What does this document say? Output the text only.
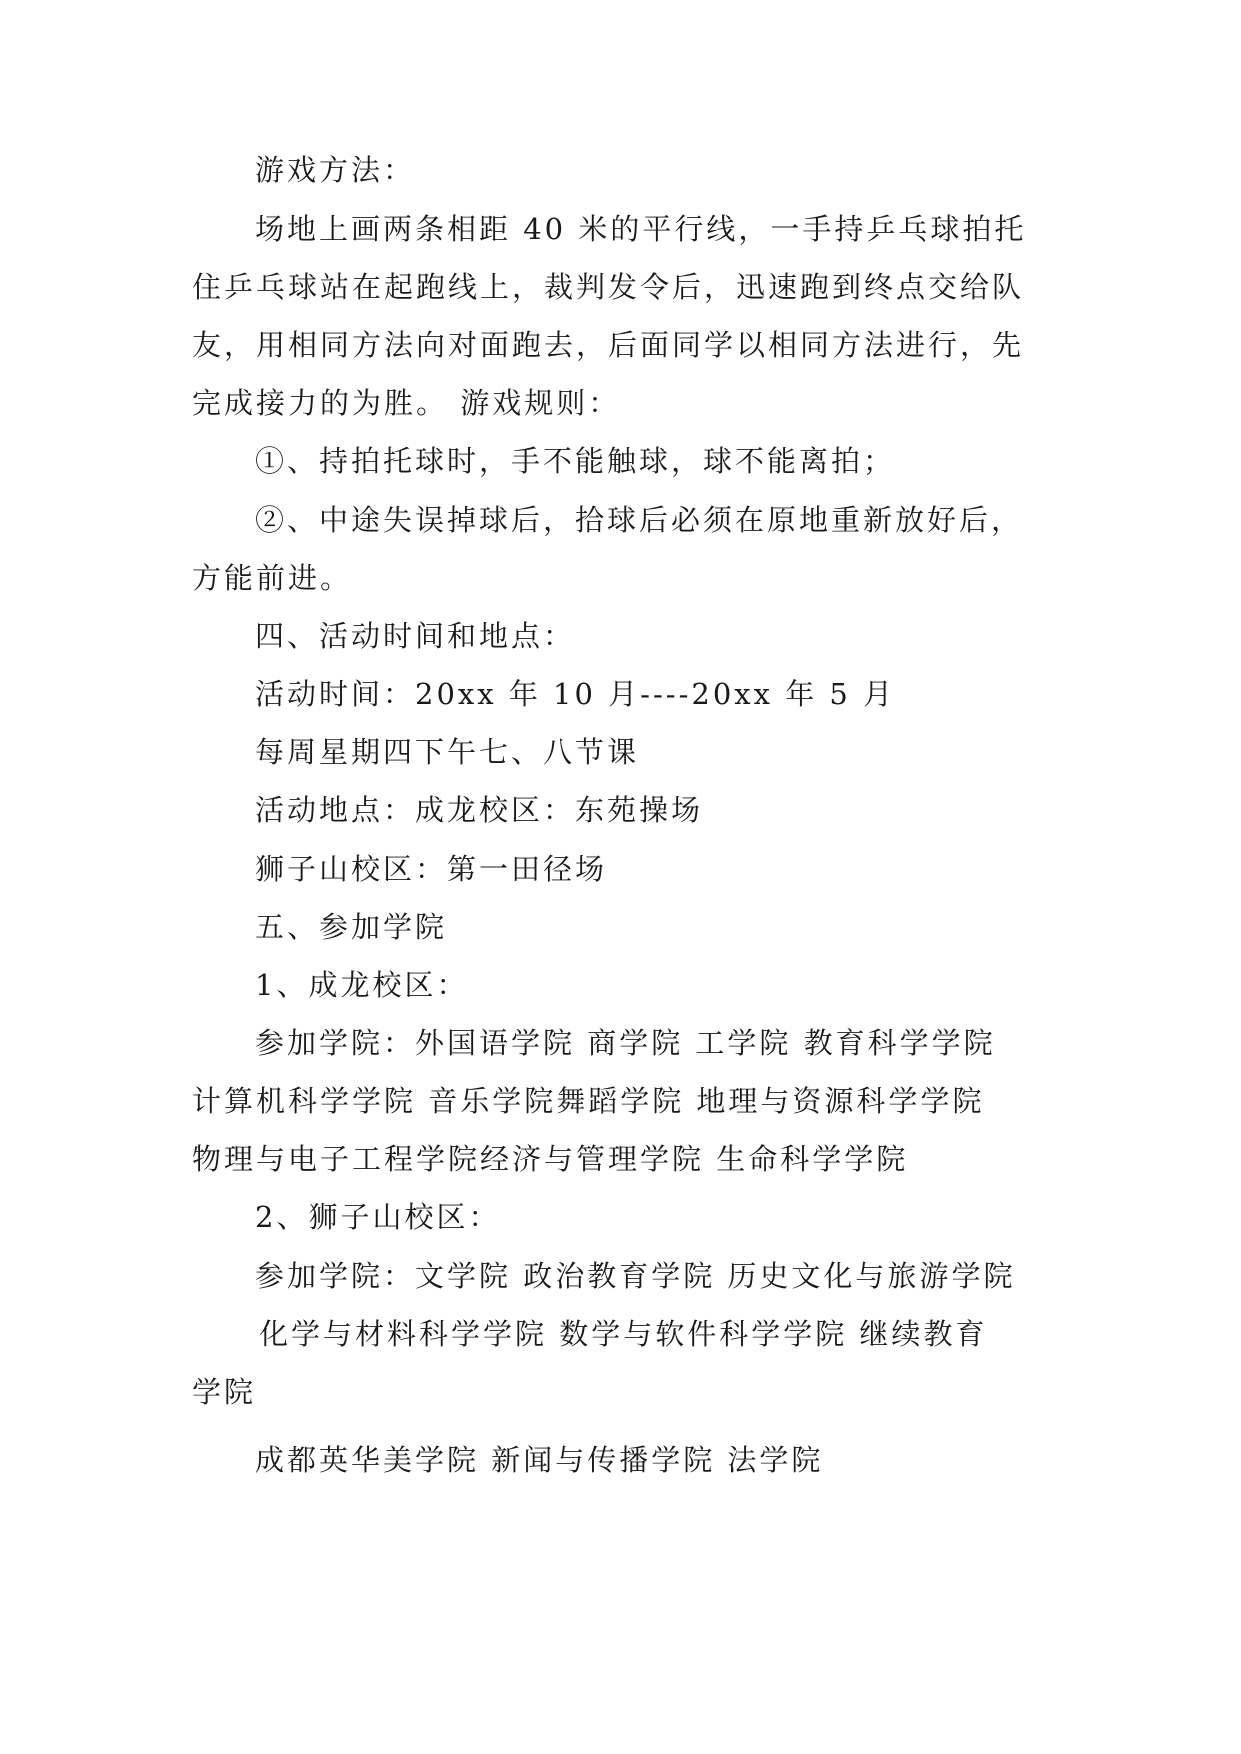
游戏方法：
场地上画两条相距 40 米的平行线，一手持乒乓球拍托
住乒乓球站在起跑线上，裁判发令后，迅速跑到终点交给队
友，用相同方法向对面跑去，后面同学以相同方法进行，先
完成接力的为胜。 游戏规则：
①、持拍托球时，手不能触球，球不能离拍；
②、中途失误掉球后，拾球后必须在原地重新放好后，
方能前进。
四、活动时间和地点：
活动时间：20xx 年 10 月----20xx 年 5 月
每周星期四下午七、八节课
活动地点：成龙校区：东苑操场
狮子山校区：第一田径场
五、参加学院
1、成龙校区：
参加学院：外国语学院 商学院 工学院 教育科学学院
计算机科学学院 音乐学院舞蹈学院 地理与资源科学学院
物理与电子工程学院经济与管理学院 生命科学学院
2、狮子山校区：
参加学院：文学院 政治教育学院 历史文化与旅游学院
化学与材料科学学院 数学与软件科学学院 继续教育
学院
成都英华美学院 新闻与传播学院 法学院
